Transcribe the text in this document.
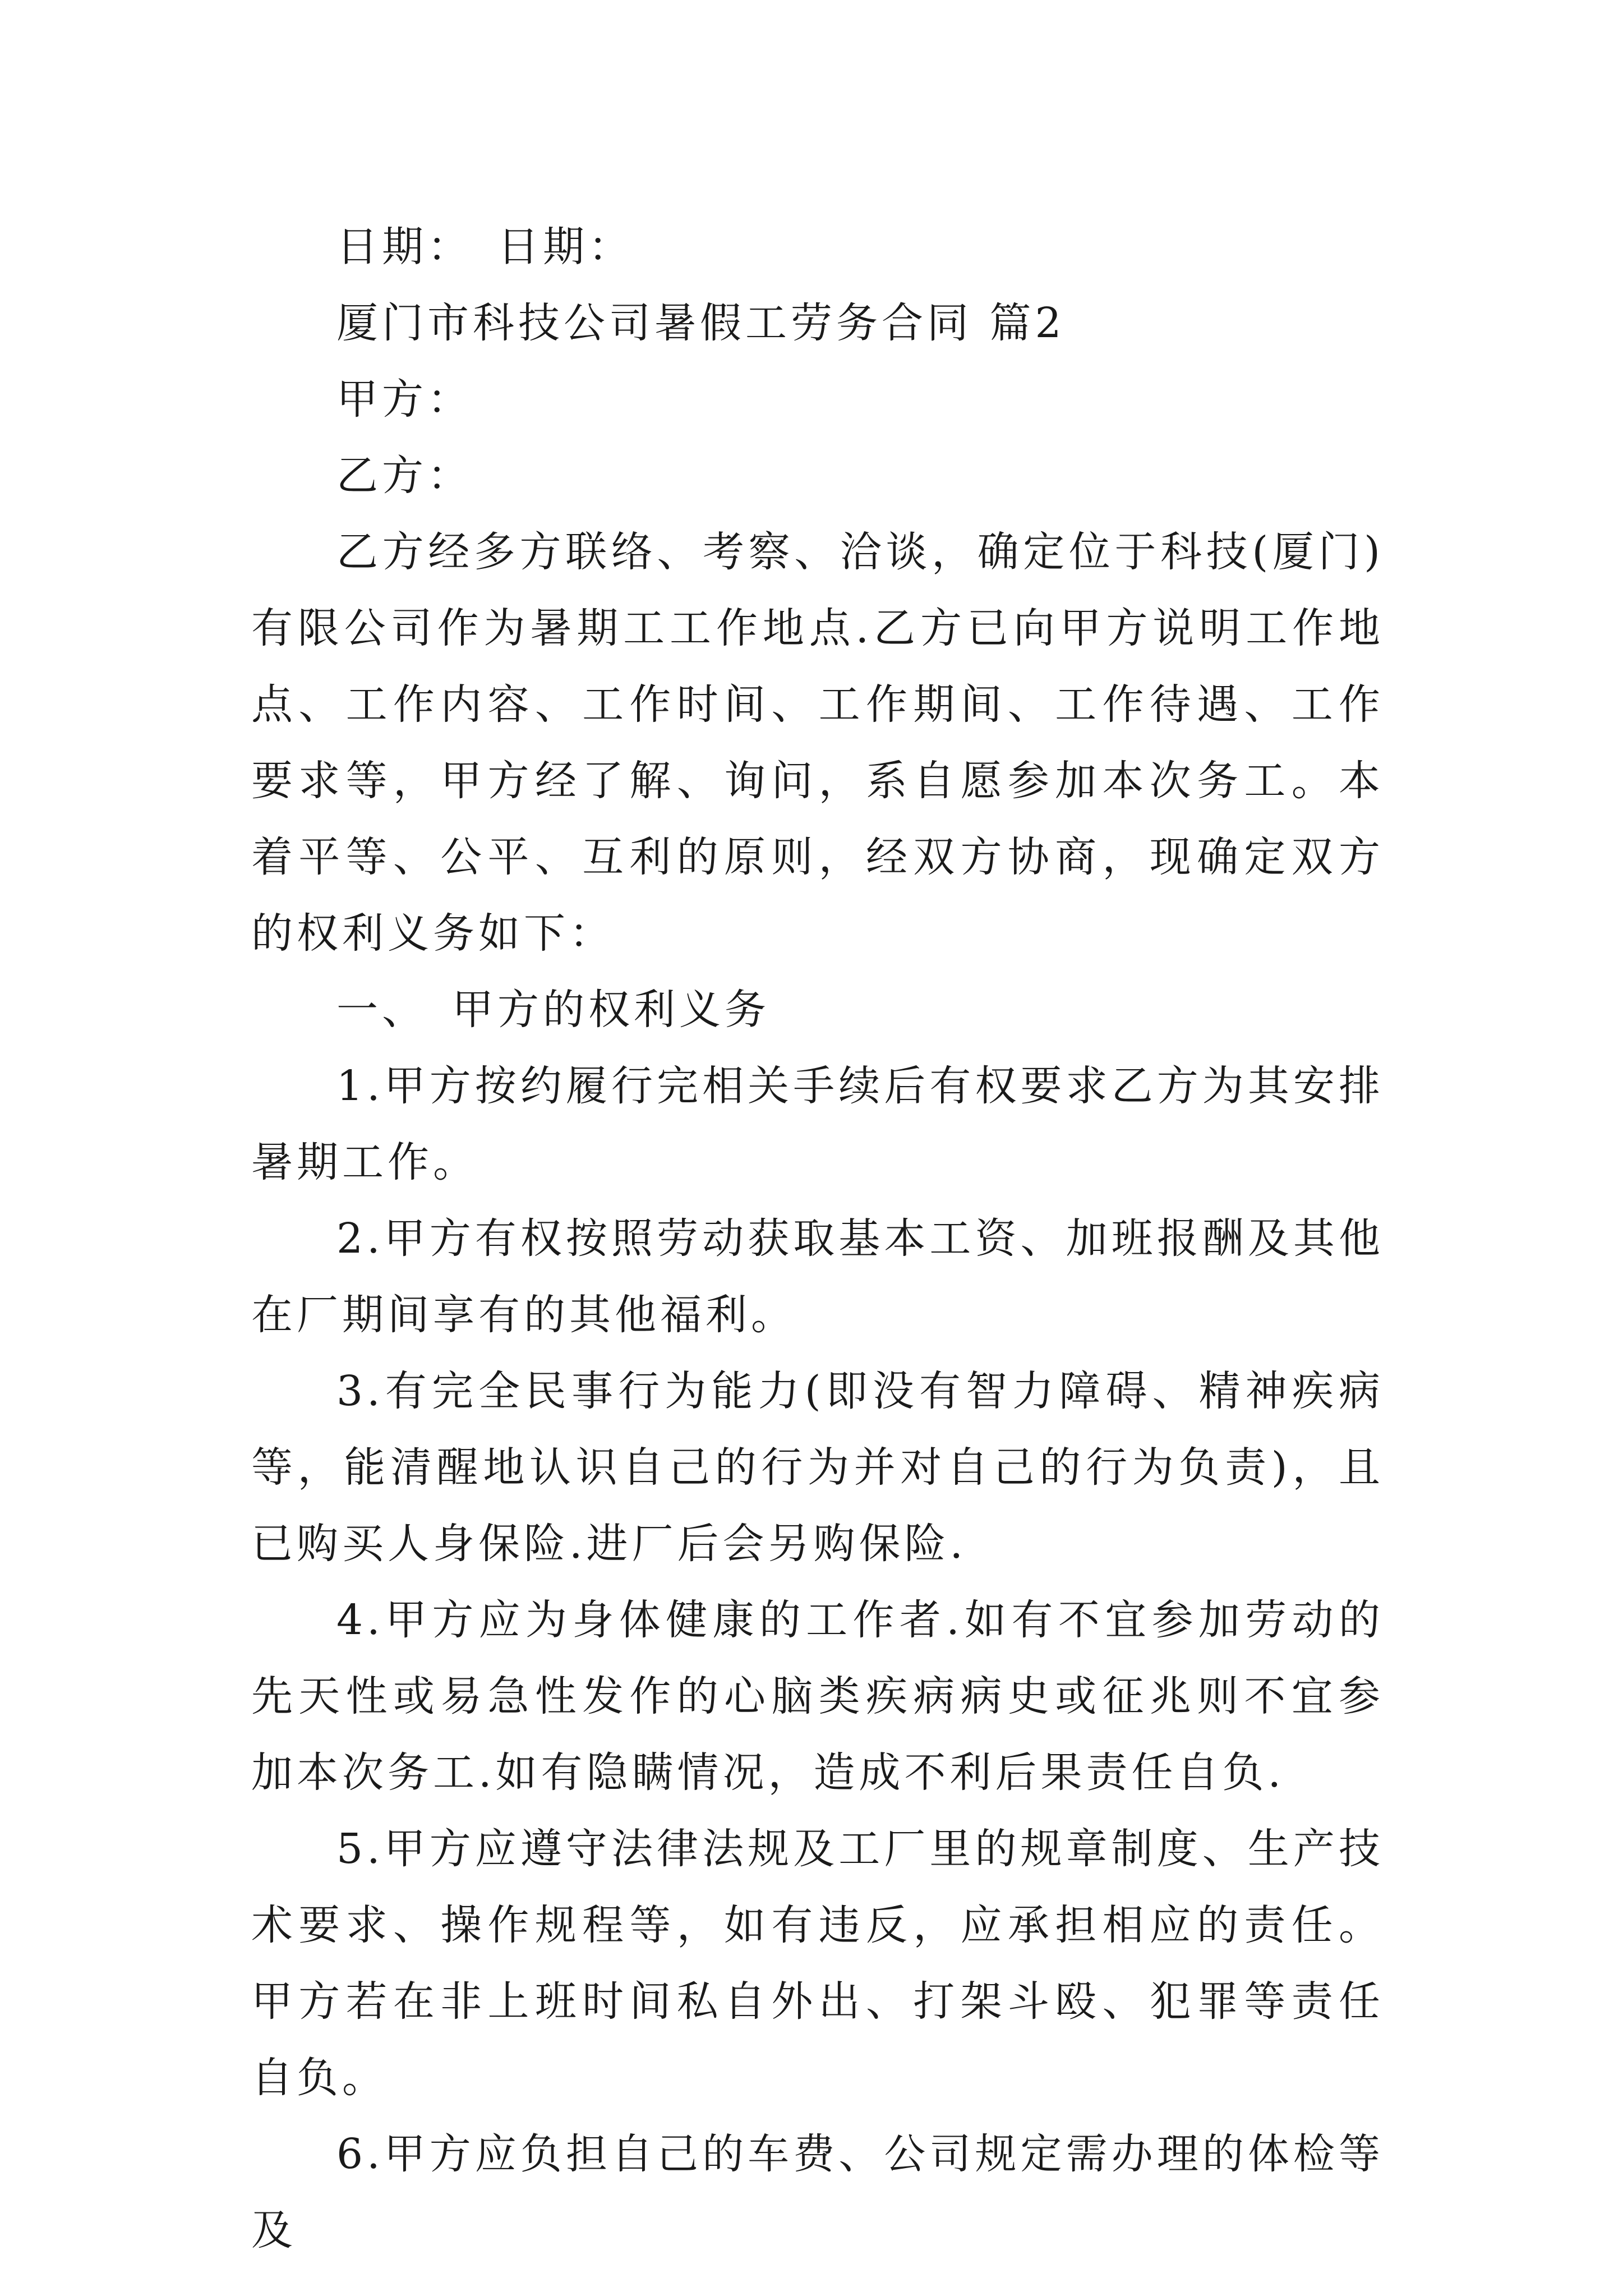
日期：　日期：

厦门市科技公司暑假工劳务合同 篇2

甲方：

乙方：

乙方经多方联络、考察、洽谈，确定位于科技(厦门)有限公司作为暑期工工作地点.乙方已向甲方说明工作地点、工作内容、工作时间、工作期间、工作待遇、工作要求等，甲方经了解、询问，系自愿参加本次务工。本着平等、公平、互利的原则，经双方协商，现确定双方的权利义务如下：

一、　甲方的权利义务

1.甲方按约履行完相关手续后有权要求乙方为其安排暑期工作。

2.甲方有权按照劳动获取基本工资、加班报酬及其他在厂期间享有的其他福利。

3.有完全民事行为能力(即没有智力障碍、精神疾病等，能清醒地认识自己的行为并对自己的行为负责)，且已购买人身保险.进厂后会另购保险.

4.甲方应为身体健康的工作者.如有不宜参加劳动的先天性或易急性发作的心脑类疾病病史或征兆则不宜参加本次务工.如有隐瞒情况，造成不利后果责任自负.

5.甲方应遵守法律法规及工厂里的规章制度、生产技术要求、操作规程等，如有违反，应承担相应的责任。甲方若在非上班时间私自外出、打架斗殴、犯罪等责任自负。

6.甲方应负担自己的车费、公司规定需办理的体检等及
